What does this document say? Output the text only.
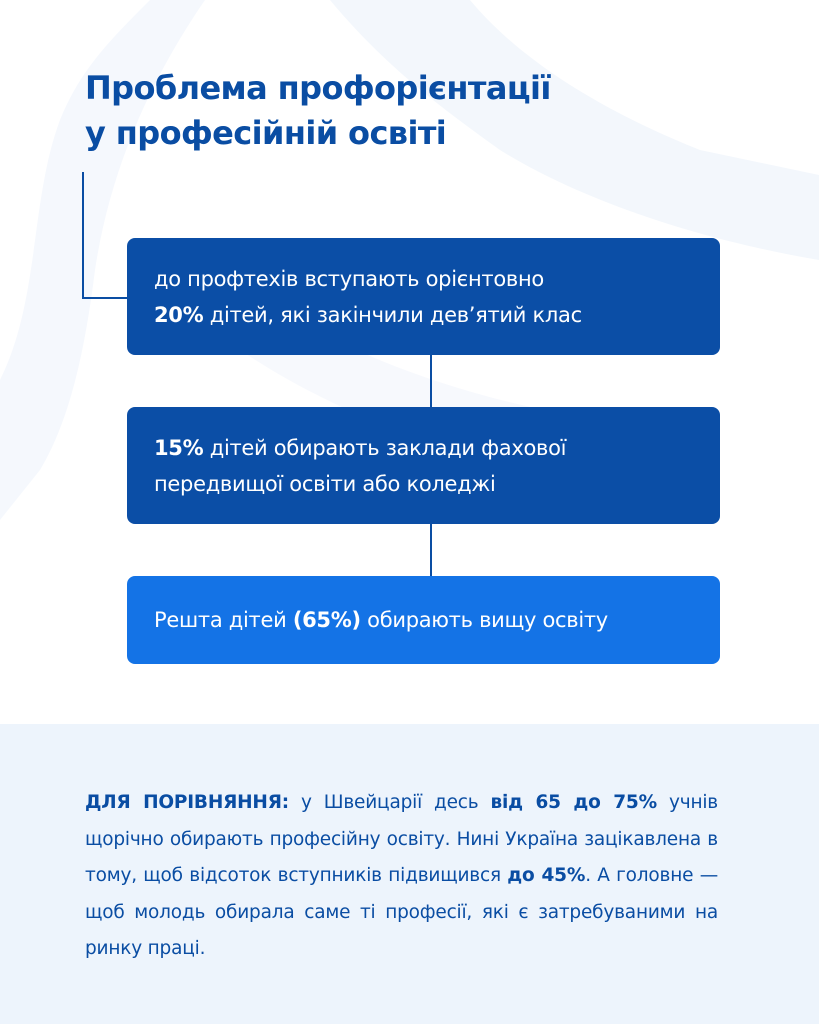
Проблема профорієнтації
у професійній освіті
до профтехів вступають орієнтовно
20% дітей, які закінчили дев’ятий клас
15% дітей обирають заклади фахової
передвищої освіти або коледжі
Решта дітей (65%) обирають вищу освіту

ДЛЯ ПОРІВНЯННЯ: у Швейцарії десь від 65 до 75% учнів щорічно обирають професійну освіту. Нині Україна зацікавлена в тому, щоб відсоток вступників підвищився до 45%. А головне — щоб молодь обирала саме ті професії, які є затребуваними на ринку праці.
